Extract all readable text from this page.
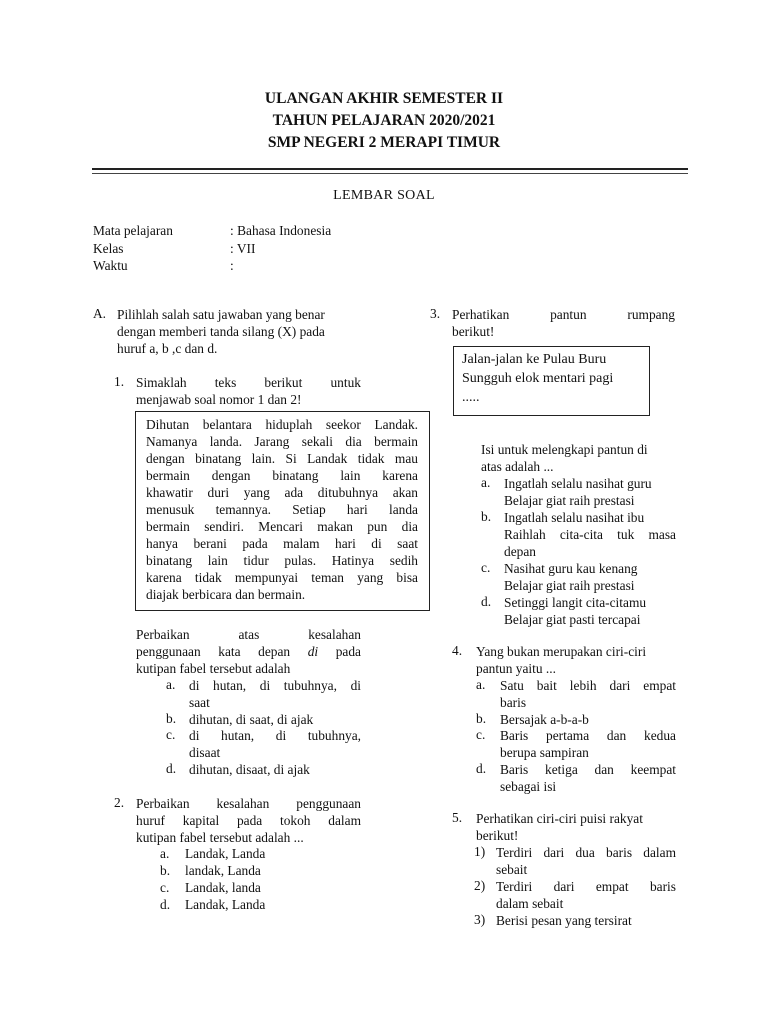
ULANGAN AKHIR SEMESTER II
TAHUN PELAJARAN 2020/2021
SMP NEGERI 2 MERAPI TIMUR
LEMBAR SOAL
Mata pelajaran
Kelas
Waktu
: Bahasa Indonesia
: VII
:
A. Pilihlah salah satu jawaban yang benar
dengan memberi tanda silang (X) pada
huruf a, b ,c dan d.
1. Simaklah teks berikut untuk
menjawab soal nomor 1 dan 2!
Dihutan belantara hiduplah seekor Landak.
Namanya landa. Jarang sekali dia bermain
dengan binatang lain. Si Landak tidak mau
bermain dengan binatang lain karena
khawatir duri yang ada ditubuhnya akan
menusuk temannya. Setiap hari landa
bermain sendiri. Mencari makan pun dia
hanya berani pada malam hari di saat
binatang lain tidur pulas. Hatinya sedih
karena tidak mempunyai teman yang bisa
diajak berbicara dan bermain.
Perbaikan atas kesalahan
penggunaan kata depan di pada
kutipan fabel tersebut adalah
a. di hutan, di tubuhnya, di
saat
b. dihutan, di saat, di ajak
c. di hutan, di tubuhnya,
disaat
d. dihutan, disaat, di ajak
2. Perbaikan kesalahan penggunaan
huruf kapital pada tokoh dalam
kutipan fabel tersebut adalah ...
a. Landak, Landa
b. landak, Landa
c. Landak, landa
d. Landak, Landa
3. Perhatikan pantun rumpang
berikut!
Jalan-jalan ke Pulau Buru
Sungguh elok mentari pagi
.....
Isi untuk melengkapi pantun di
atas adalah ...
a. Ingatlah selalu nasihat guru
Belajar giat raih prestasi
b. Ingatlah selalu nasihat ibu
Raihlah cita-cita tuk masa
depan
c. Nasihat guru kau kenang
Belajar giat raih prestasi
d. Setinggi langit cita-citamu
Belajar giat pasti tercapai
4. Yang bukan merupakan ciri-ciri
pantun yaitu ...
a. Satu bait lebih dari empat
baris
b. Bersajak a-b-a-b
c. Baris pertama dan kedua
berupa sampiran
d. Baris ketiga dan keempat
sebagai isi
5. Perhatikan ciri-ciri puisi rakyat
berikut!
1) Terdiri dari dua baris dalam
sebait
2) Terdiri dari empat baris
dalam sebait
3) Berisi pesan yang tersirat
